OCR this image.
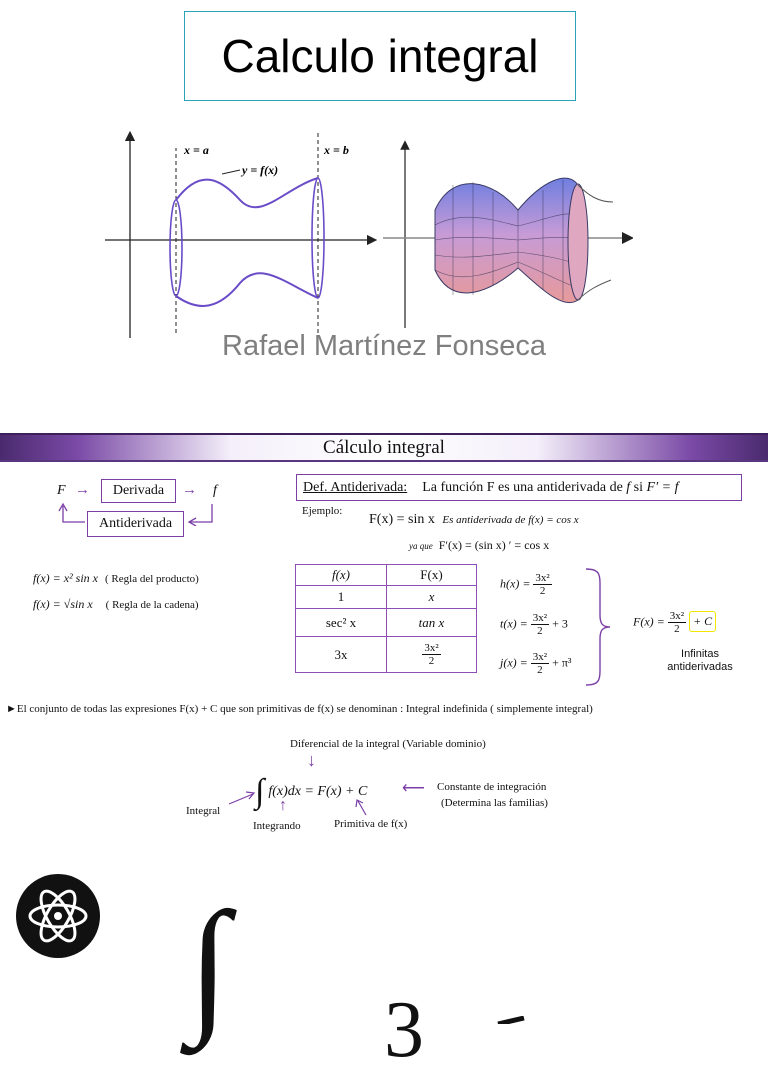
Calculo integral
x = a	x = b
y = f(x)
Rafael Martínez Fonseca
Cálculo integral
F →	Derivada	→ f
Antiderivada
Def. Antiderivada: La función F es una antiderivada de f si F′ = f
Ejemplo:
F(x) = sin x Es antiderivada de f(x) = cos x
ya que F′(x) = (sin x) ′ = cos x
f(x) = x² sin x ( Regla del producto)
f(x) = √sin x ( Regla de la cadena)
f(x)	F(x)
1	x
sec² x	tan x
3x	$\frac{\text{3x²}}{2}$
$h(x) = \frac{\text{3x²}}{2}$
$t(x) = \frac{\text{3x²}}{2} + 3$
$j(x) = \frac{\text{3x²}}{2} + \pi^3$
$F(x) = \frac{\text{3x²}}{2} + C$
Infinitas
antiderivadas
►El conjunto de todas las expresiones F(x) + C que son primitivas de f(x) se denominan : Integral indefinida ( simplemente integral)
Diferencial de la integral (Variable dominio)
↓
∫ f(x)dx = F(x) + C
Integral	↑
Integrando	Primitiva de f(x)
⟵ Constante de integración
(Determina las familias)
∫ 3
